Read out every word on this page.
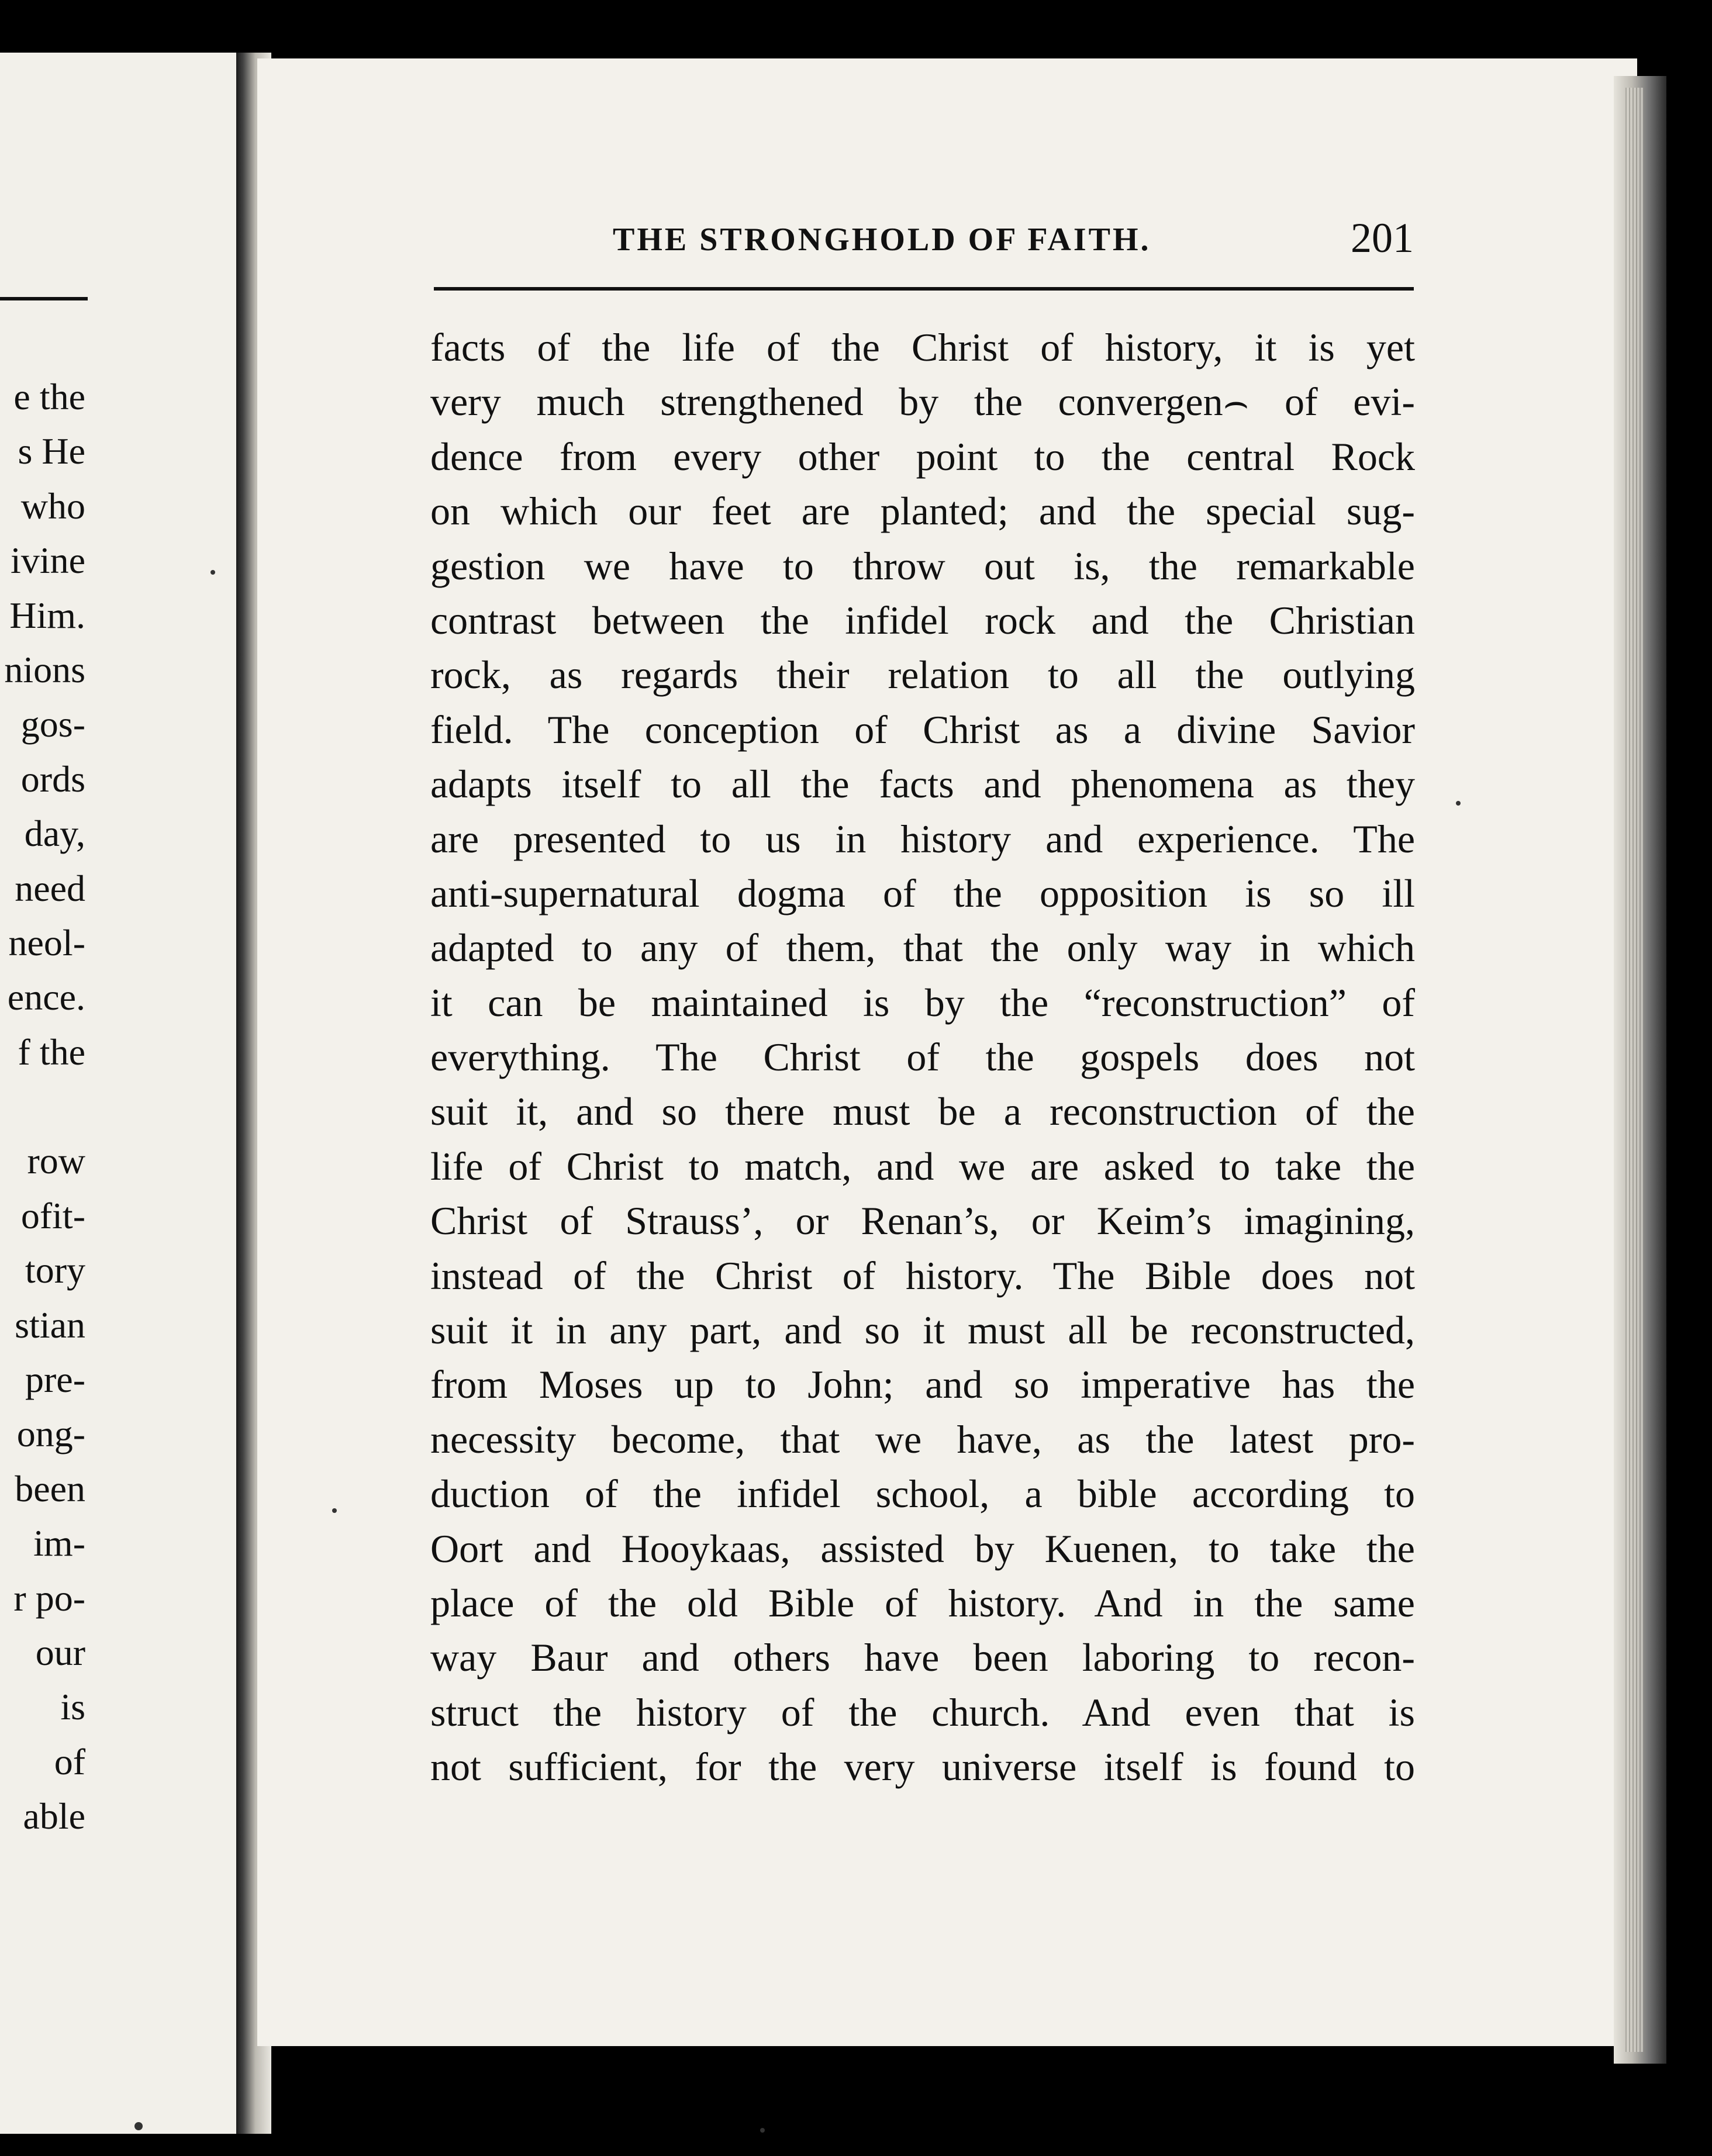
e the
s He
who
ivine
Him.
nions
gos-
ords
day,
need
neol-
ence.
f the
row
ofit-
tory
stian
pre-
ong-
been
im-
r po-
our
is
of
able
THE STRONGHOLD OF FAITH.	201
facts of the life of the Christ of history, it is yet
very much strengthened by the convergen⌢ of evi-
dence from every other point to the central Rock
on which our feet are planted; and the special sug-
gestion we have to throw out is, the remarkable
contrast between the infidel rock and the Christian
rock, as regards their relation to all the outlying
field. The conception of Christ as a divine Savior
adapts itself to all the facts and phenomena as they
are presented to us in history and experience. The
anti-supernatural dogma of the opposition is so ill
adapted to any of them, that the only way in which
it can be maintained is by the “reconstruction” of
everything. The Christ of the gospels does not
suit it, and so there must be a reconstruction of the
life of Christ to match, and we are asked to take the
Christ of Strauss’, or Renan’s, or Keim’s imagining,
instead of the Christ of history. The Bible does not
suit it in any part, and so it must all be reconstructed,
from Moses up to John; and so imperative has the
necessity become, that we have, as the latest pro-
duction of the infidel school, a bible according to
Oort and Hooykaas, assisted by Kuenen, to take the
place of the old Bible of history. And in the same
way Baur and others have been laboring to recon-
struct the history of the church. And even that is
not sufficient, for the very universe itself is found to
